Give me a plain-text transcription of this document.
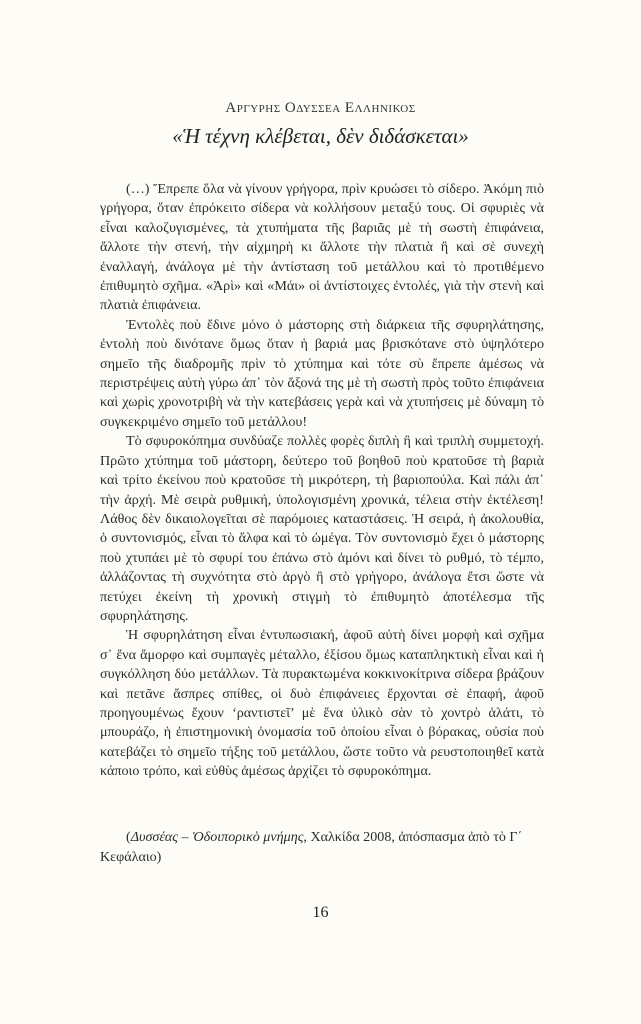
Αργυρης Οδυσσεα Ελληνικος
«Ἡ τέχνη κλέβεται, δὲν διδάσκεται»

(…) Ἔπρεπε ὅλα νὰ γίνουν γρήγορα, πρὶν κρυώσει τὸ σίδερο. Ἀκόμη πιὸ γρήγορα, ὅταν ἐπρόκειτο σίδερα νὰ κολλήσουν μεταξύ τους. Οἱ σφυριὲς νὰ εἶναι καλοζυγισμένες, τὰ χτυπήματα τῆς βαριᾶς μὲ τὴ σωστὴ ἐπιφάνεια, ἄλλοτε τὴν στενή, τὴν αἰχμηρὴ κι ἄλλοτε τὴν πλατιὰ ἢ καὶ σὲ συνεχὴ ἐναλλαγή, ἀνάλογα μὲ τὴν ἀντίσταση τοῦ μετάλλου καὶ τὸ προτιθέμενο ἐπιθυμητὸ σχῆμα. «Ἀρὶ» καὶ «Μάι» οἱ ἀντίστοιχες ἐντολές, γιὰ τὴν στενὴ καὶ πλατιὰ ἐπιφάνεια.

Ἐντολὲς ποὺ ἔδινε μόνο ὁ μάστορης στὴ διάρκεια τῆς σφυρηλάτησης, ἐντολὴ ποὺ δινότανε ὅμως ὅταν ἡ βαριά μας βρισκότανε στὸ ὑψηλότερο σημεῖο τῆς διαδρομῆς πρὶν τὸ χτύπημα καὶ τότε σὺ ἔπρεπε ἀμέσως νὰ περιστρέψεις αὐτὴ γύρω ἀπ᾿ τὸν ἄξονά της μὲ τὴ σωστὴ πρὸς τοῦτο ἐπιφάνεια καὶ χωρὶς χρονοτριβὴ νὰ τὴν κατεβάσεις γερὰ καὶ νὰ χτυπήσεις μὲ δύναμη τὸ συγκεκριμένο σημεῖο τοῦ μετάλλου!

Τὸ σφυροκόπημα συνδύαζε πολλὲς φορὲς διπλὴ ἢ καὶ τριπλὴ συμμετοχή. Πρῶτο χτύπημα τοῦ μάστορη, δεύτερο τοῦ βοηθοῦ ποὺ κρατοῦσε τὴ βαριὰ καὶ τρίτο ἐκείνου ποὺ κρατοῦσε τὴ μικρότερη, τὴ βαριοπούλα. Καὶ πάλι ἀπ᾿ τὴν ἀρχή. Μὲ σειρὰ ρυθμική, ὑπολογισμένη χρονικά, τέλεια στὴν ἐκτέλεση! Λάθος δὲν δικαιολογεῖται σὲ παρόμοιες καταστάσεις. Ἡ σειρά, ἡ ἀκολουθία, ὁ συντονισμός, εἶναι τὸ ἄλφα καὶ τὸ ὠμέγα. Τὸν συντονισμὸ ἔχει ὁ μάστορης ποὺ χτυπάει μὲ τὸ σφυρί του ἐπάνω στὸ ἀμόνι καὶ δίνει τὸ ρυθμό, τὸ τέμπο, ἀλλάζοντας τὴ συχνότητα στὸ ἀργὸ ἢ στὸ γρήγορο, ἀνάλογα ἔτσι ὥστε νὰ πετύχει ἐκείνη τὴ χρονικὴ στιγμὴ τὸ ἐπιθυμητὸ ἀποτέλεσμα τῆς σφυρηλάτησης.

Ἡ σφυρηλάτηση εἶναι ἐντυπωσιακή, ἀφοῦ αὐτὴ δίνει μορφὴ καὶ σχῆμα σ᾿ ἕνα ἄμορφο καὶ συμπαγὲς μέταλλο, ἐξίσου ὅμως καταπληκτικὴ εἶναι καὶ ἡ συγκόλληση δύο μετάλλων. Τὰ πυρακτωμένα κοκκινοκίτρινα σίδερα βράζουν καὶ πετᾶνε ἄσπρες σπίθες, οἱ δυὸ ἐπιφάνειες ἔρχονται σὲ ἐπαφή, ἀφοῦ προηγουμένως ἔχουν ‘ραντιστεῖ’ μὲ ἕνα ὑλικὸ σὰν τὸ χοντρὸ ἁλάτι, τὸ μπουράζο, ἡ ἐπιστημονικὴ ὀνομασία τοῦ ὁποίου εἶναι ὁ βόρακας, οὐσία ποὺ κατεβάζει τὸ σημεῖο τήξης τοῦ μετάλλου, ὥστε τοῦτο νὰ ρευστοποιηθεῖ κατὰ κάποιο τρόπο, καὶ εὐθὺς ἀμέσως ἀρχίζει τὸ σφυροκόπημα.

(Δυσσέας – Ὁδοιπορικὸ μνήμης, Χαλκίδα 2008, ἀπόσπασμα ἀπὸ τὸ Γ΄ Κεφάλαιο)

16
